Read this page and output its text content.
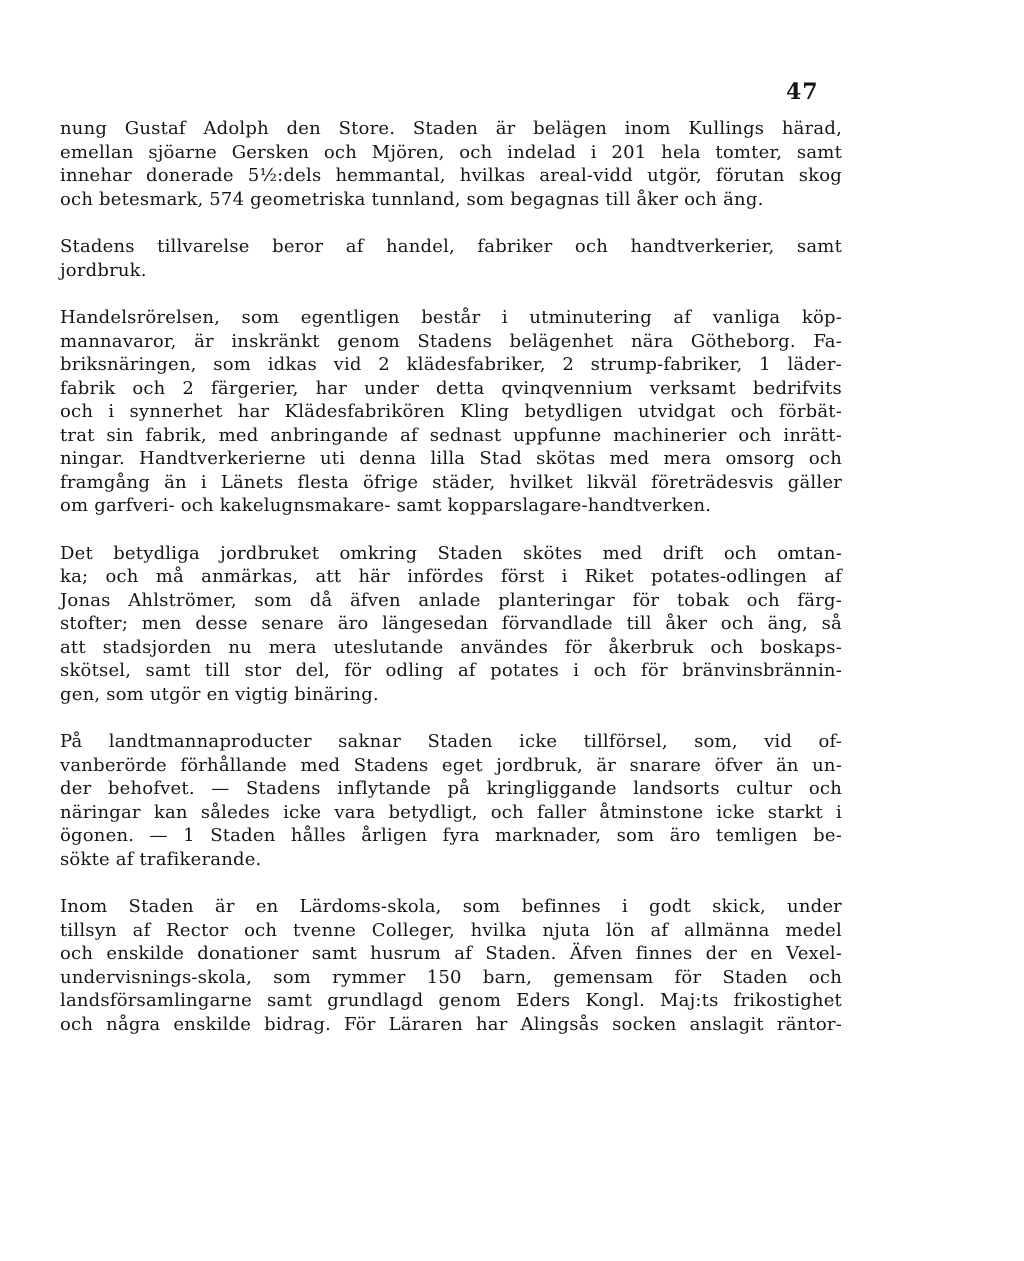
47
nung Gustaf Adolph den Store. Staden är belägen inom Kullings härad,
emellan sjöarne Gersken och Mjören, och indelad i 201 hela tomter, samt
innehar donerade 5½:dels hemmantal, hvilkas areal-vidd utgör, förutan skog
och betesmark, 574 geometriska tunnland, som begagnas till åker och äng.
Stadens tillvarelse beror af handel, fabriker och handtverkerier, samt
jordbruk.
Handelsrörelsen, som egentligen består i utminutering af vanliga köp-
mannavaror, är inskränkt genom Stadens belägenhet nära Götheborg. Fa-
briksnäringen, som idkas vid 2 klädesfabriker, 2 strump-fabriker, 1 läder-
fabrik och 2 färgerier, har under detta qvinqvennium verksamt bedrifvits
och i synnerhet har Klädesfabrikören Kling betydligen utvidgat och förbät-
trat sin fabrik, med anbringande af sednast uppfunne machinerier och inrätt-
ningar. Handtverkerierne uti denna lilla Stad skötas med mera omsorg och
framgång än i Länets flesta öfrige städer, hvilket likväl företrädesvis gäller
om garfveri- och kakelugnsmakare- samt kopparslagare-handtverken.
Det betydliga jordbruket omkring Staden skötes med drift och omtan-
ka; och må anmärkas, att här infördes först i Riket potates-odlingen af
Jonas Ahlströmer, som då äfven anlade planteringar för tobak och färg-
stofter; men desse senare äro längesedan förvandlade till åker och äng, så
att stadsjorden nu mera uteslutande användes för åkerbruk och boskaps-
skötsel, samt till stor del, för odling af potates i och för bränvinsbrännin-
gen, som utgör en vigtig binäring.
På landtmannaproducter saknar Staden icke tillförsel, som, vid of-
vanberörde förhållande med Stadens eget jordbruk, är snarare öfver än un-
der behofvet. — Stadens inflytande på kringliggande landsorts cultur och
näringar kan således icke vara betydligt, och faller åtminstone icke starkt i
ögonen. — 1 Staden hålles årligen fyra marknader, som äro temligen be-
sökte af trafikerande.
Inom Staden är en Lärdoms-skola, som befinnes i godt skick, under
tillsyn af Rector och tvenne Colleger, hvilka njuta lön af allmänna medel
och enskilde donationer samt husrum af Staden. Äfven finnes der en Vexel-
undervisnings-skola, som rymmer 150 barn, gemensam för Staden och
landsförsamlingarne samt grundlagd genom Eders Kongl. Maj:ts frikostighet
och några enskilde bidrag. För Läraren har Alingsås socken anslagit räntor-
